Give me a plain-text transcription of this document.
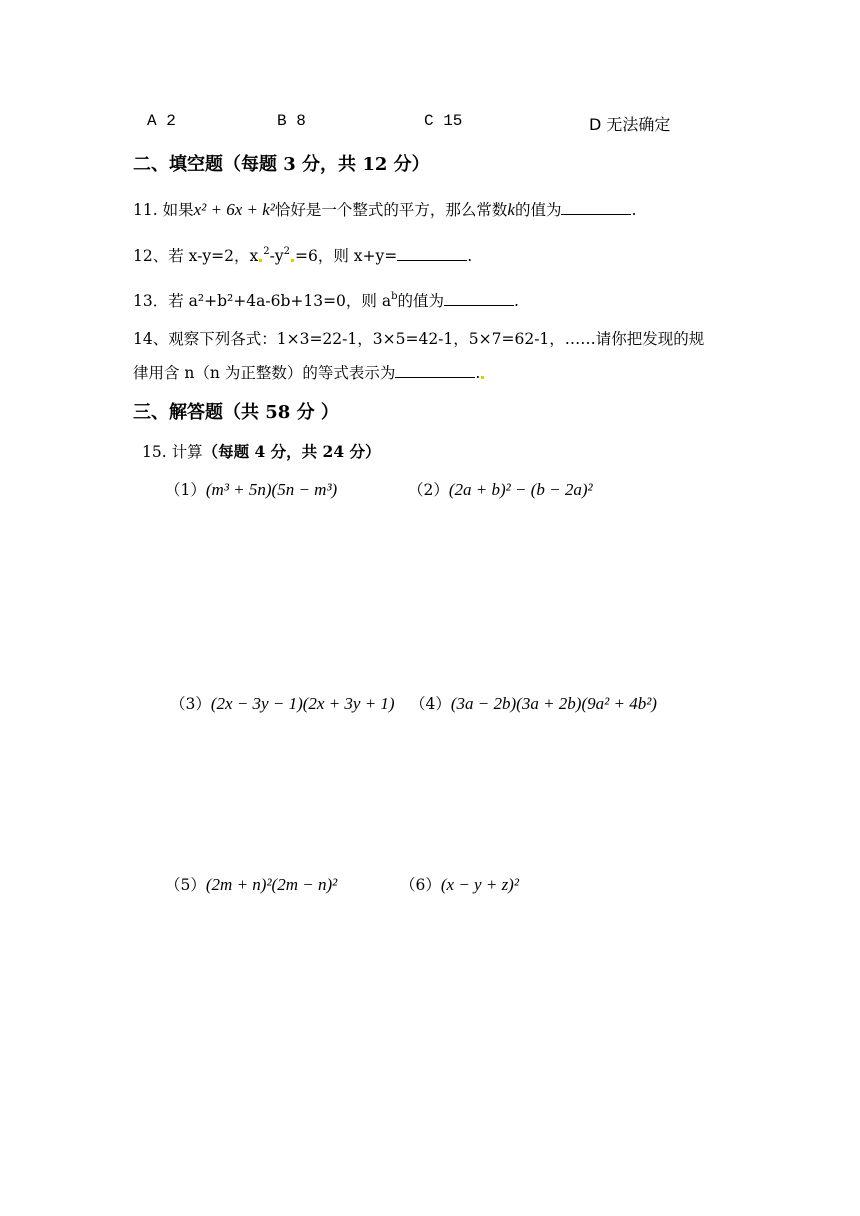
A 2	B 8	C 15	D 无法确定
二、填空题（每题 3 分，共 12 分）
11. 如果x² + 6x + k²恰好是一个整式的平方，那么常数k的值为	.
12、若 x-y=2，x $^2-y^2 =6$，则 x+y=	.
13．若 a²+b²+4a-6b+13=0，则 $a^b$的值为	.
14、观察下列各式：1×3=22-1，3×5=42-1，5×7=62-1，……请你把发现的规
律用含 n（n 为正整数）的等式表示为	.
三、解答题（共 58 分 ）
15. 计算（每题 4 分，共 24 分）
（1）(m³ + 5n)(5n − m³)	（2）(2a + b)² − (b − 2a)²
（3）(2x − 3y − 1)(2x + 3y + 1) （4）(3a − 2b)(3a + 2b)(9a² + 4b²)
（5）(2m + n)²(2m − n)²	（6）(x − y + z)²
